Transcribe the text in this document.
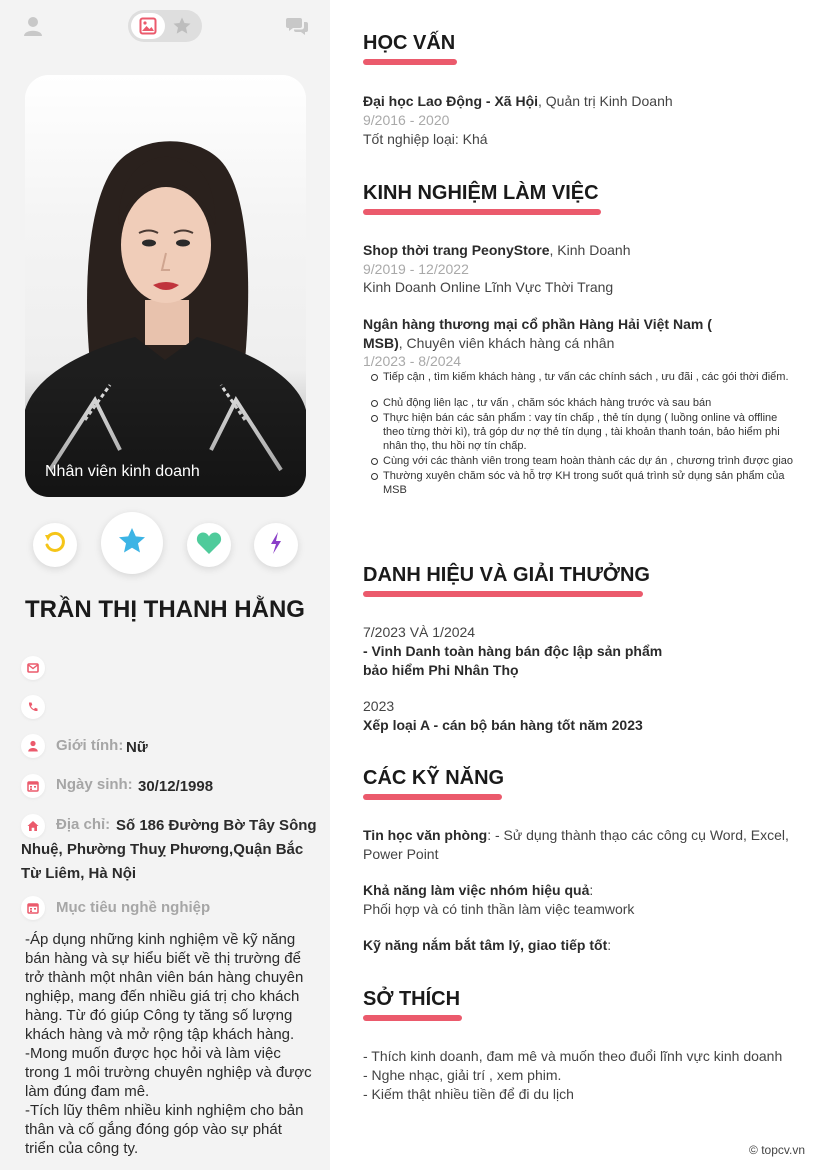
Nhân viên kinh doanh
TRẦN THỊ THANH HẰNG
Giới tính: Nữ
Ngày sinh: 30/12/1998
Địa chỉ: Số 186 Đường Bờ Tây Sông Nhuệ, Phường Thuỵ Phương,Quận Bắc Từ Liêm, Hà Nội
Mục tiêu nghề nghiệp
-Áp dụng những kinh nghiệm về kỹ năng bán hàng và sự hiểu biết về thị trường để trở thành một nhân viên bán hàng chuyên nghiệp, mang đến nhiều giá trị cho khách hàng. Từ đó giúp Công ty tăng số lượng khách hàng và mở rộng tập khách hàng.
-Mong muốn được học hỏi và làm việc trong 1 môi trường chuyên nghiệp và được làm đúng đam mê.
-Tích lũy thêm nhiều kinh nghiệm cho bản thân và cố gắng đóng góp vào sự phát triển của công ty.
HỌC VẤN
Đại học Lao Động - Xã Hội, Quản trị Kinh Doanh
9/2016 - 2020
Tốt nghiệp loại: Khá
KINH NGHIỆM LÀM VIỆC
Shop thời trang PeonyStore, Kinh Doanh
9/2019 - 12/2022
Kinh Doanh Online Lĩnh Vực Thời Trang
Ngân hàng thương mại cổ phần Hàng Hải Việt Nam (
MSB), Chuyên viên khách hàng cá nhân
1/2023 - 8/2024
Tiếp cận , tìm kiếm khách hàng , tư vấn các chính sách , ưu đãi , các gói thời điểm.
Chủ động liên lạc , tư vấn , chăm sóc khách hàng trước và sau bán
Thực hiện bán các sản phẩm : vay tín chấp , thẻ tín dụng ( luồng online và offline theo từng thời kì), trả góp dư nợ thẻ tín dụng , tài khoản thanh toán, bảo hiểm phi nhân thọ, thu hồi nợ tín chấp.
Cùng với các thành viên trong team hoàn thành các dự án , chương trình được giao
Thường xuyên chăm sóc và hỗ trợ KH trong suốt quá trình sử dụng sản phẩm của MSB
DANH HIỆU VÀ GIẢI THƯỞNG
7/2023 VÀ 1/2024
- Vinh Danh toàn hàng bán độc lập sản phẩm
bảo hiểm Phi Nhân Thọ
2023
Xếp loại A - cán bộ bán hàng tốt năm 2023
CÁC KỸ NĂNG
Tin học văn phòng: - Sử dụng thành thạo các công cụ Word, Excel,
Power Point
Khả năng làm việc nhóm hiệu quả:
Phối hợp và có tinh thần làm việc teamwork
Kỹ năng nắm bắt tâm lý, giao tiếp tốt:
SỞ THÍCH
- Thích kinh doanh, đam mê và muốn theo đuổi lĩnh vực kinh doanh
- Nghe nhạc, giải trí , xem phim.
- Kiếm thật nhiều tiền để đi du lịch
© topcv.vn
